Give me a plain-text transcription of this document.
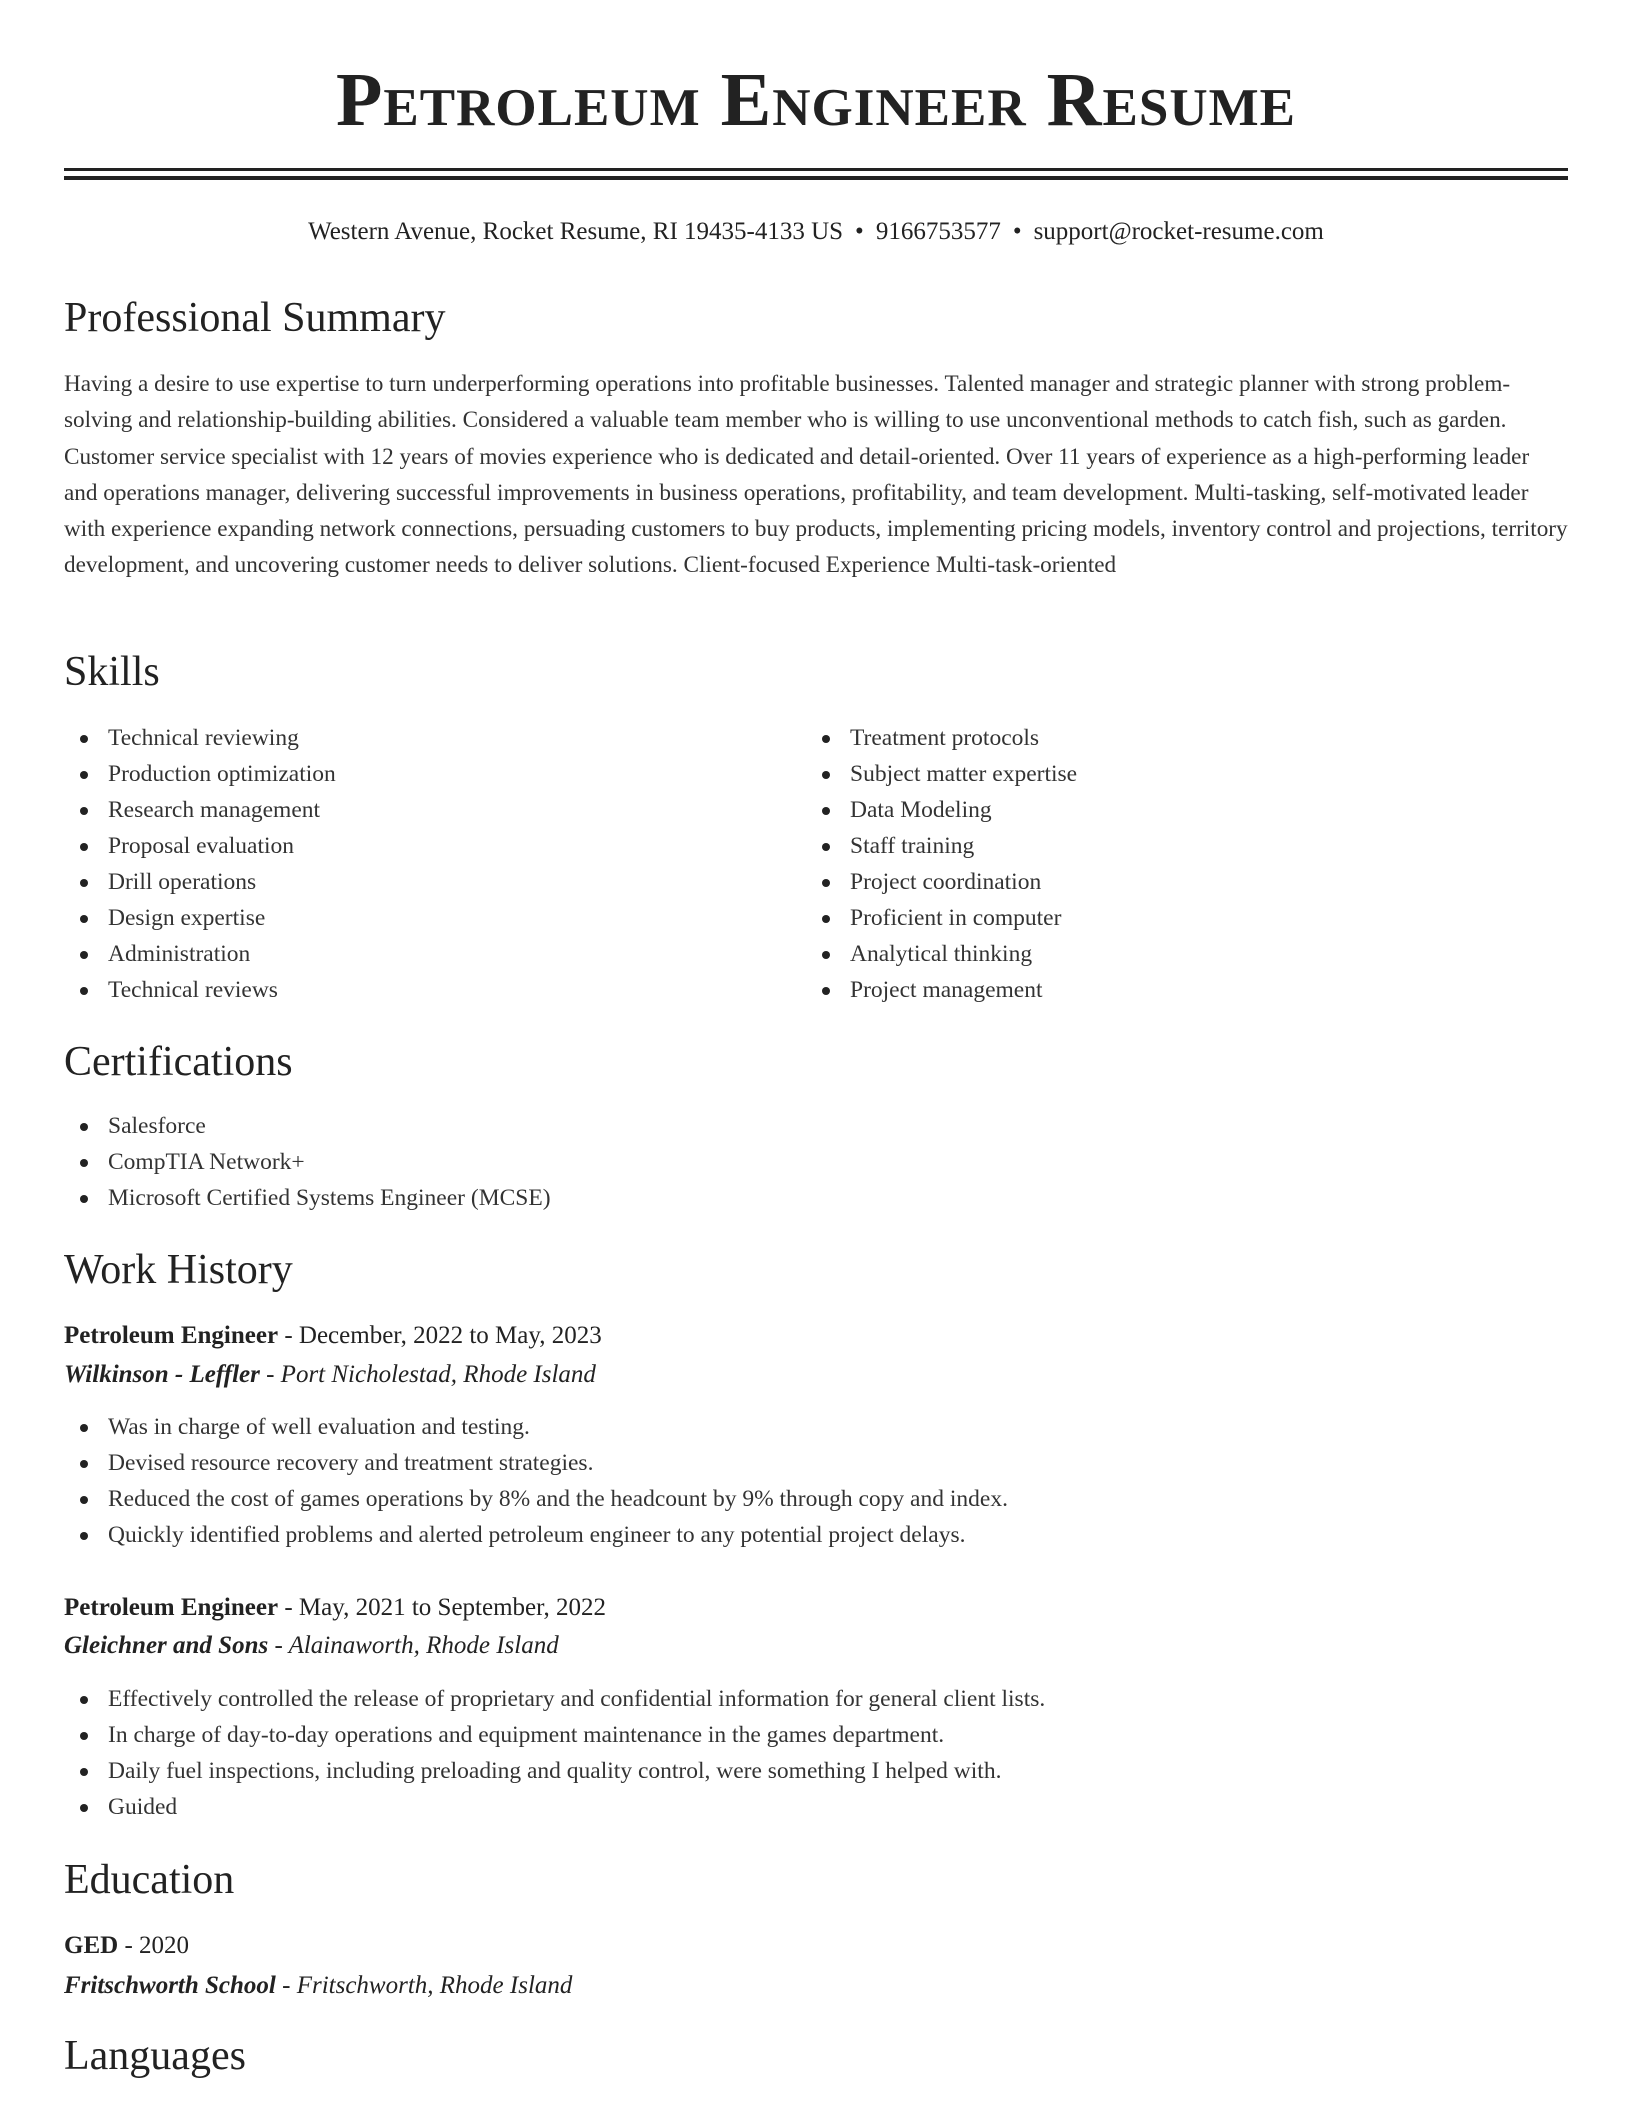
Petroleum Engineer Resume
Western Avenue, Rocket Resume, RI 19435-4133 US • 9166753577 • support@rocket-resume.com
Professional Summary

Having a desire to use expertise to turn underperforming operations into profitable businesses. Talented manager and strategic planner with strong problem-solving and relationship-building abilities. Considered a valuable team member who is willing to use unconventional methods to catch fish, such as garden. Customer service specialist with 12 years of movies experience who is dedicated and detail-oriented. Over 11 years of experience as a high-performing leader and operations manager, delivering successful improvements in business operations, profitability, and team development. Multi-tasking, self-motivated leader with experience expanding network connections, persuading customers to buy products, implementing pricing models, inventory control and projections, territory development, and uncovering customer needs to deliver solutions. Client-focused Experience Multi-task-oriented

Skills
Technical reviewing
Production optimization
Research management
Proposal evaluation
Drill operations
Design expertise
Administration
Technical reviews
Treatment protocols
Subject matter expertise
Data Modeling
Staff training
Project coordination
Proficient in computer
Analytical thinking
Project management
Certifications
Salesforce
CompTIA Network+
Microsoft Certified Systems Engineer (MCSE)
Work History
Petroleum Engineer - December, 2022 to May, 2023
Wilkinson - Leffler - Port Nicholestad, Rhode Island
Was in charge of well evaluation and testing.
Devised resource recovery and treatment strategies.
Reduced the cost of games operations by 8% and the headcount by 9% through copy and index.
Quickly identified problems and alerted petroleum engineer to any potential project delays.
Petroleum Engineer - May, 2021 to September, 2022
Gleichner and Sons - Alainaworth, Rhode Island
Effectively controlled the release of proprietary and confidential information for general client lists.
In charge of day-to-day operations and equipment maintenance in the games department.
Daily fuel inspections, including preloading and quality control, were something I helped with.
Guided
Education
GED - 2020
Fritschworth School - Fritschworth, Rhode Island
Languages
